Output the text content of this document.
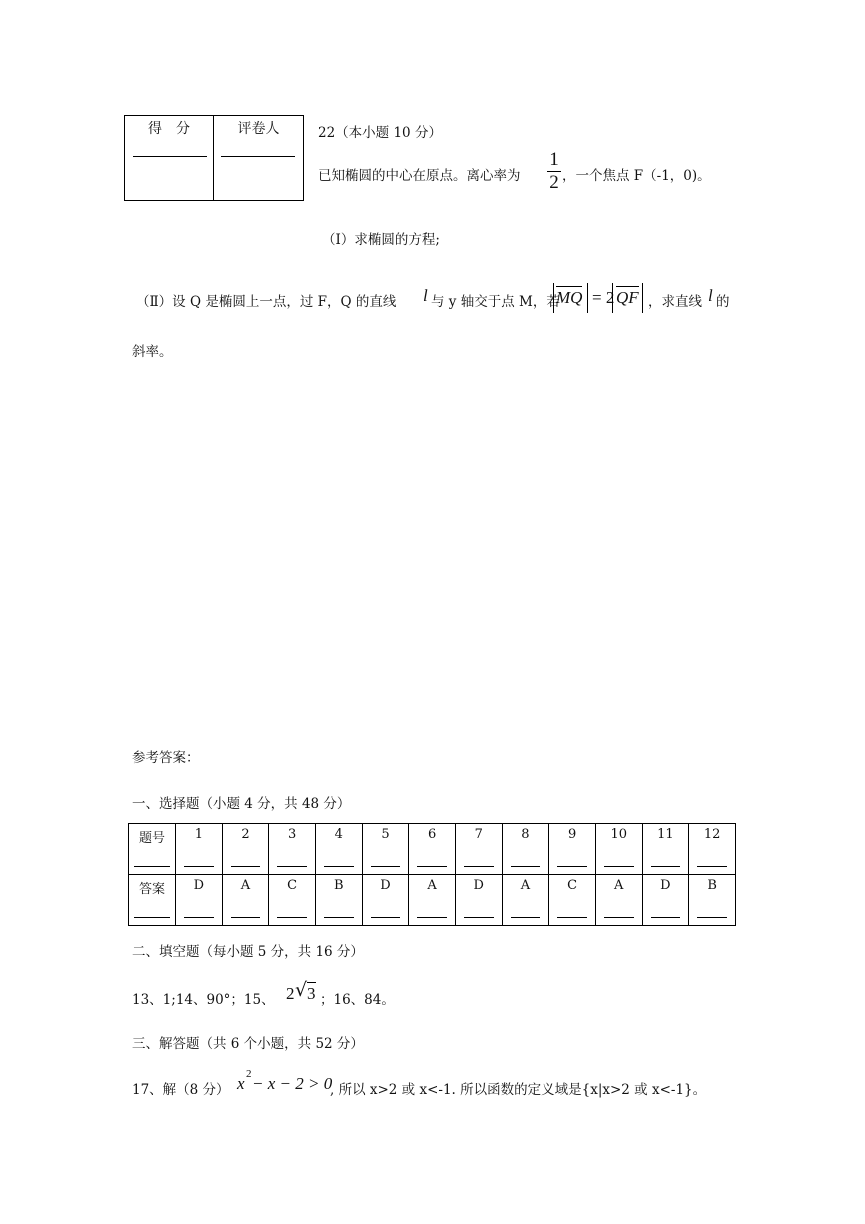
得　分	评卷人	22（本小题 10 分）
已知椭圆的中心在原点。离心率为
1
2 ，一个焦点 F（-1，0)。
（Ⅰ）求椭圆的方程;
（Ⅱ）设 Q 是椭圆上一点，过 F，Q 的直线 l 与 y 轴交于点 M，若
MQ = 2 QF ，求直线 l 的
斜率。
参考答案：
一、选择题（小题 4 分，共 48 分）
题号	1	2	3	4	5	6	7	8	9	10	11	12

答案	D	A	C	B	D	A	D	A	C	A	D	B
二、填空题（每小题 5 分，共 16 分）
13、1;14、90°；15、 2 √ 3 ；16、84。
三、解答题（共 6 个小题，共 52 分）
17、解（8 分） x 2 − x − 2 > 0
, 所以 x>2 或 x<-1. 所以函数的定义域是{x|x>2 或 x<-1}。
